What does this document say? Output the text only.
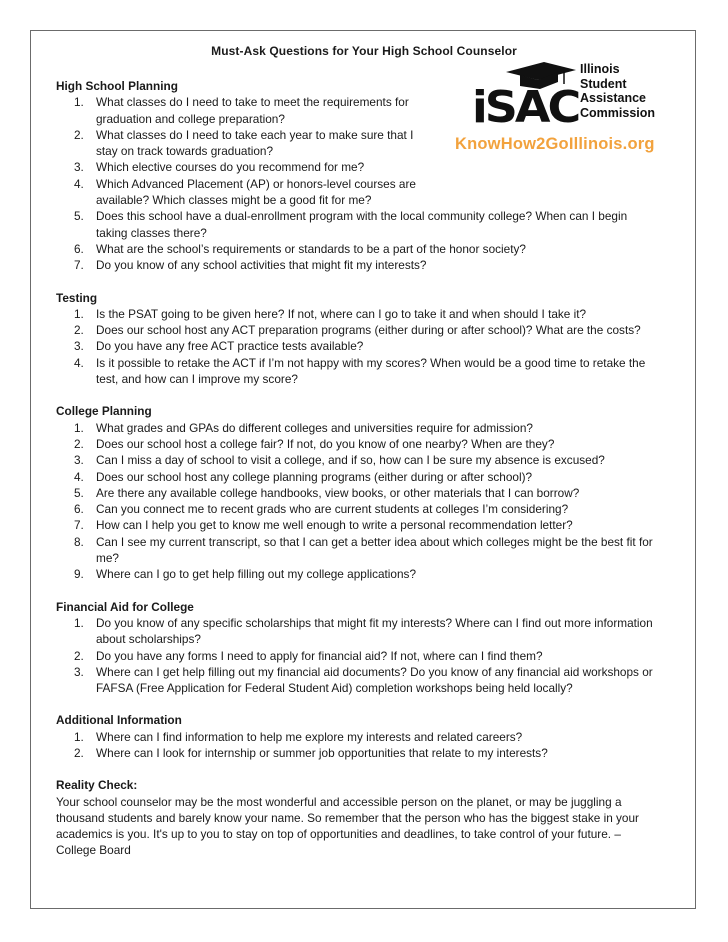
Must-Ask Questions for Your High School Counselor
iSAC
Illinois
Student
Assistance
Commission
KnowHow2GoIllinois.org
High School Planning
1. What classes do I need to take to meet the requirements for graduation and college preparation?
2. What classes do I need to take each year to make sure that I stay on track towards graduation?
3. Which elective courses do you recommend for me?
4. Which Advanced Placement (AP) or honors-level courses are available? Which classes might be a good fit for me?
5. Does this school have a dual-enrollment program with the local community college? When can I begin taking classes there?
6. What are the school’s requirements or standards to be a part of the honor society?
7. Do you know of any school activities that might fit my interests?
Testing
1. Is the PSAT going to be given here? If not, where can I go to take it and when should I take it?
2. Does our school host any ACT preparation programs (either during or after school)? What are the costs?
3. Do you have any free ACT practice tests available?
4. Is it possible to retake the ACT if I’m not happy with my scores? When would be a good time to retake the test, and how can I improve my score?
College Planning
1. What grades and GPAs do different colleges and universities require for admission?
2. Does our school host a college fair? If not, do you know of one nearby? When are they?
3. Can I miss a day of school to visit a college, and if so, how can I be sure my absence is excused?
4. Does our school host any college planning programs (either during or after school)?
5. Are there any available college handbooks, view books, or other materials that I can borrow?
6. Can you connect me to recent grads who are current students at colleges I’m considering?
7. How can I help you get to know me well enough to write a personal recommendation letter?
8. Can I see my current transcript, so that I can get a better idea about which colleges might be the best fit for me?
9. Where can I go to get help filling out my college applications?
Financial Aid for College
1. Do you know of any specific scholarships that might fit my interests? Where can I find out more information about scholarships?
2. Do you have any forms I need to apply for financial aid? If not, where can I find them?
3. Where can I get help filling out my financial aid documents? Do you know of any financial aid workshops or FAFSA (Free Application for Federal Student Aid) completion workshops being held locally?
Additional Information
1. Where can I find information to help me explore my interests and related careers?
2. Where can I look for internship or summer job opportunities that relate to my interests?
Reality Check:

Your school counselor may be the most wonderful and accessible person on the planet, or may be juggling a thousand students and barely know your name. So remember that the person who has the biggest stake in your academics is you. It's up to you to stay on top of opportunities and deadlines, to take control of your future. – College Board
